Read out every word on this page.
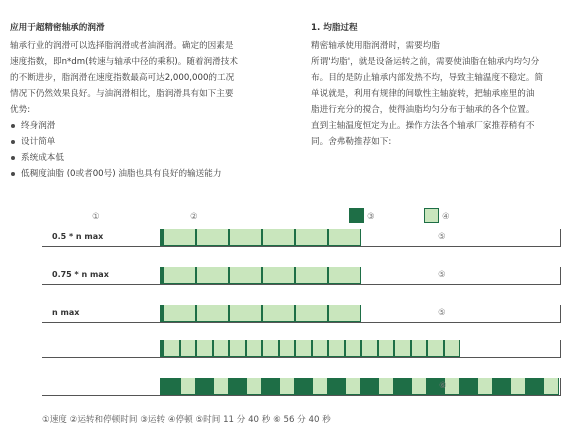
应用于超精密轴承的润滑
轴承行业的润滑可以选择脂润滑或者油润滑。确定的因素是
速度指数，即n*dm(转速与轴承中径的乘积)。随着润滑技术
的不断进步，脂润滑在速度指数最高可达2,000,000的工况
情况下仍然效果良好。与油润滑相比，脂润滑具有如下主要
优势:
终身润滑
设计简单
系统成本低
低稠度油脂 (0或者00号) 油脂也具有良好的输送能力
1. 均脂过程
精密轴承使用脂润滑时，需要均脂
所谓'均脂'，就是设备运转之前，需要使油脂在轴承内均匀分
布。目的是防止轴承内部发热不均，导致主轴温度不稳定。简
单说就是，利用有规律的间歇性主轴旋转，把轴承座里的油
脂进行充分的搅合，使得油脂均匀分布于轴承的各个位置。
直到主轴温度恒定为止。操作方法各个轴承厂家推荐稍有不
同。舍弗勒推荐如下:
①	②	③	④
0.5 * n max	⑤
0.75 * n max	⑤
n max	⑤
⑥
①速度 ②运转和停顿时间 ③运转 ④停顿 ⑤时间 11 分 40 秒 ⑥ 56 分 40 秒
